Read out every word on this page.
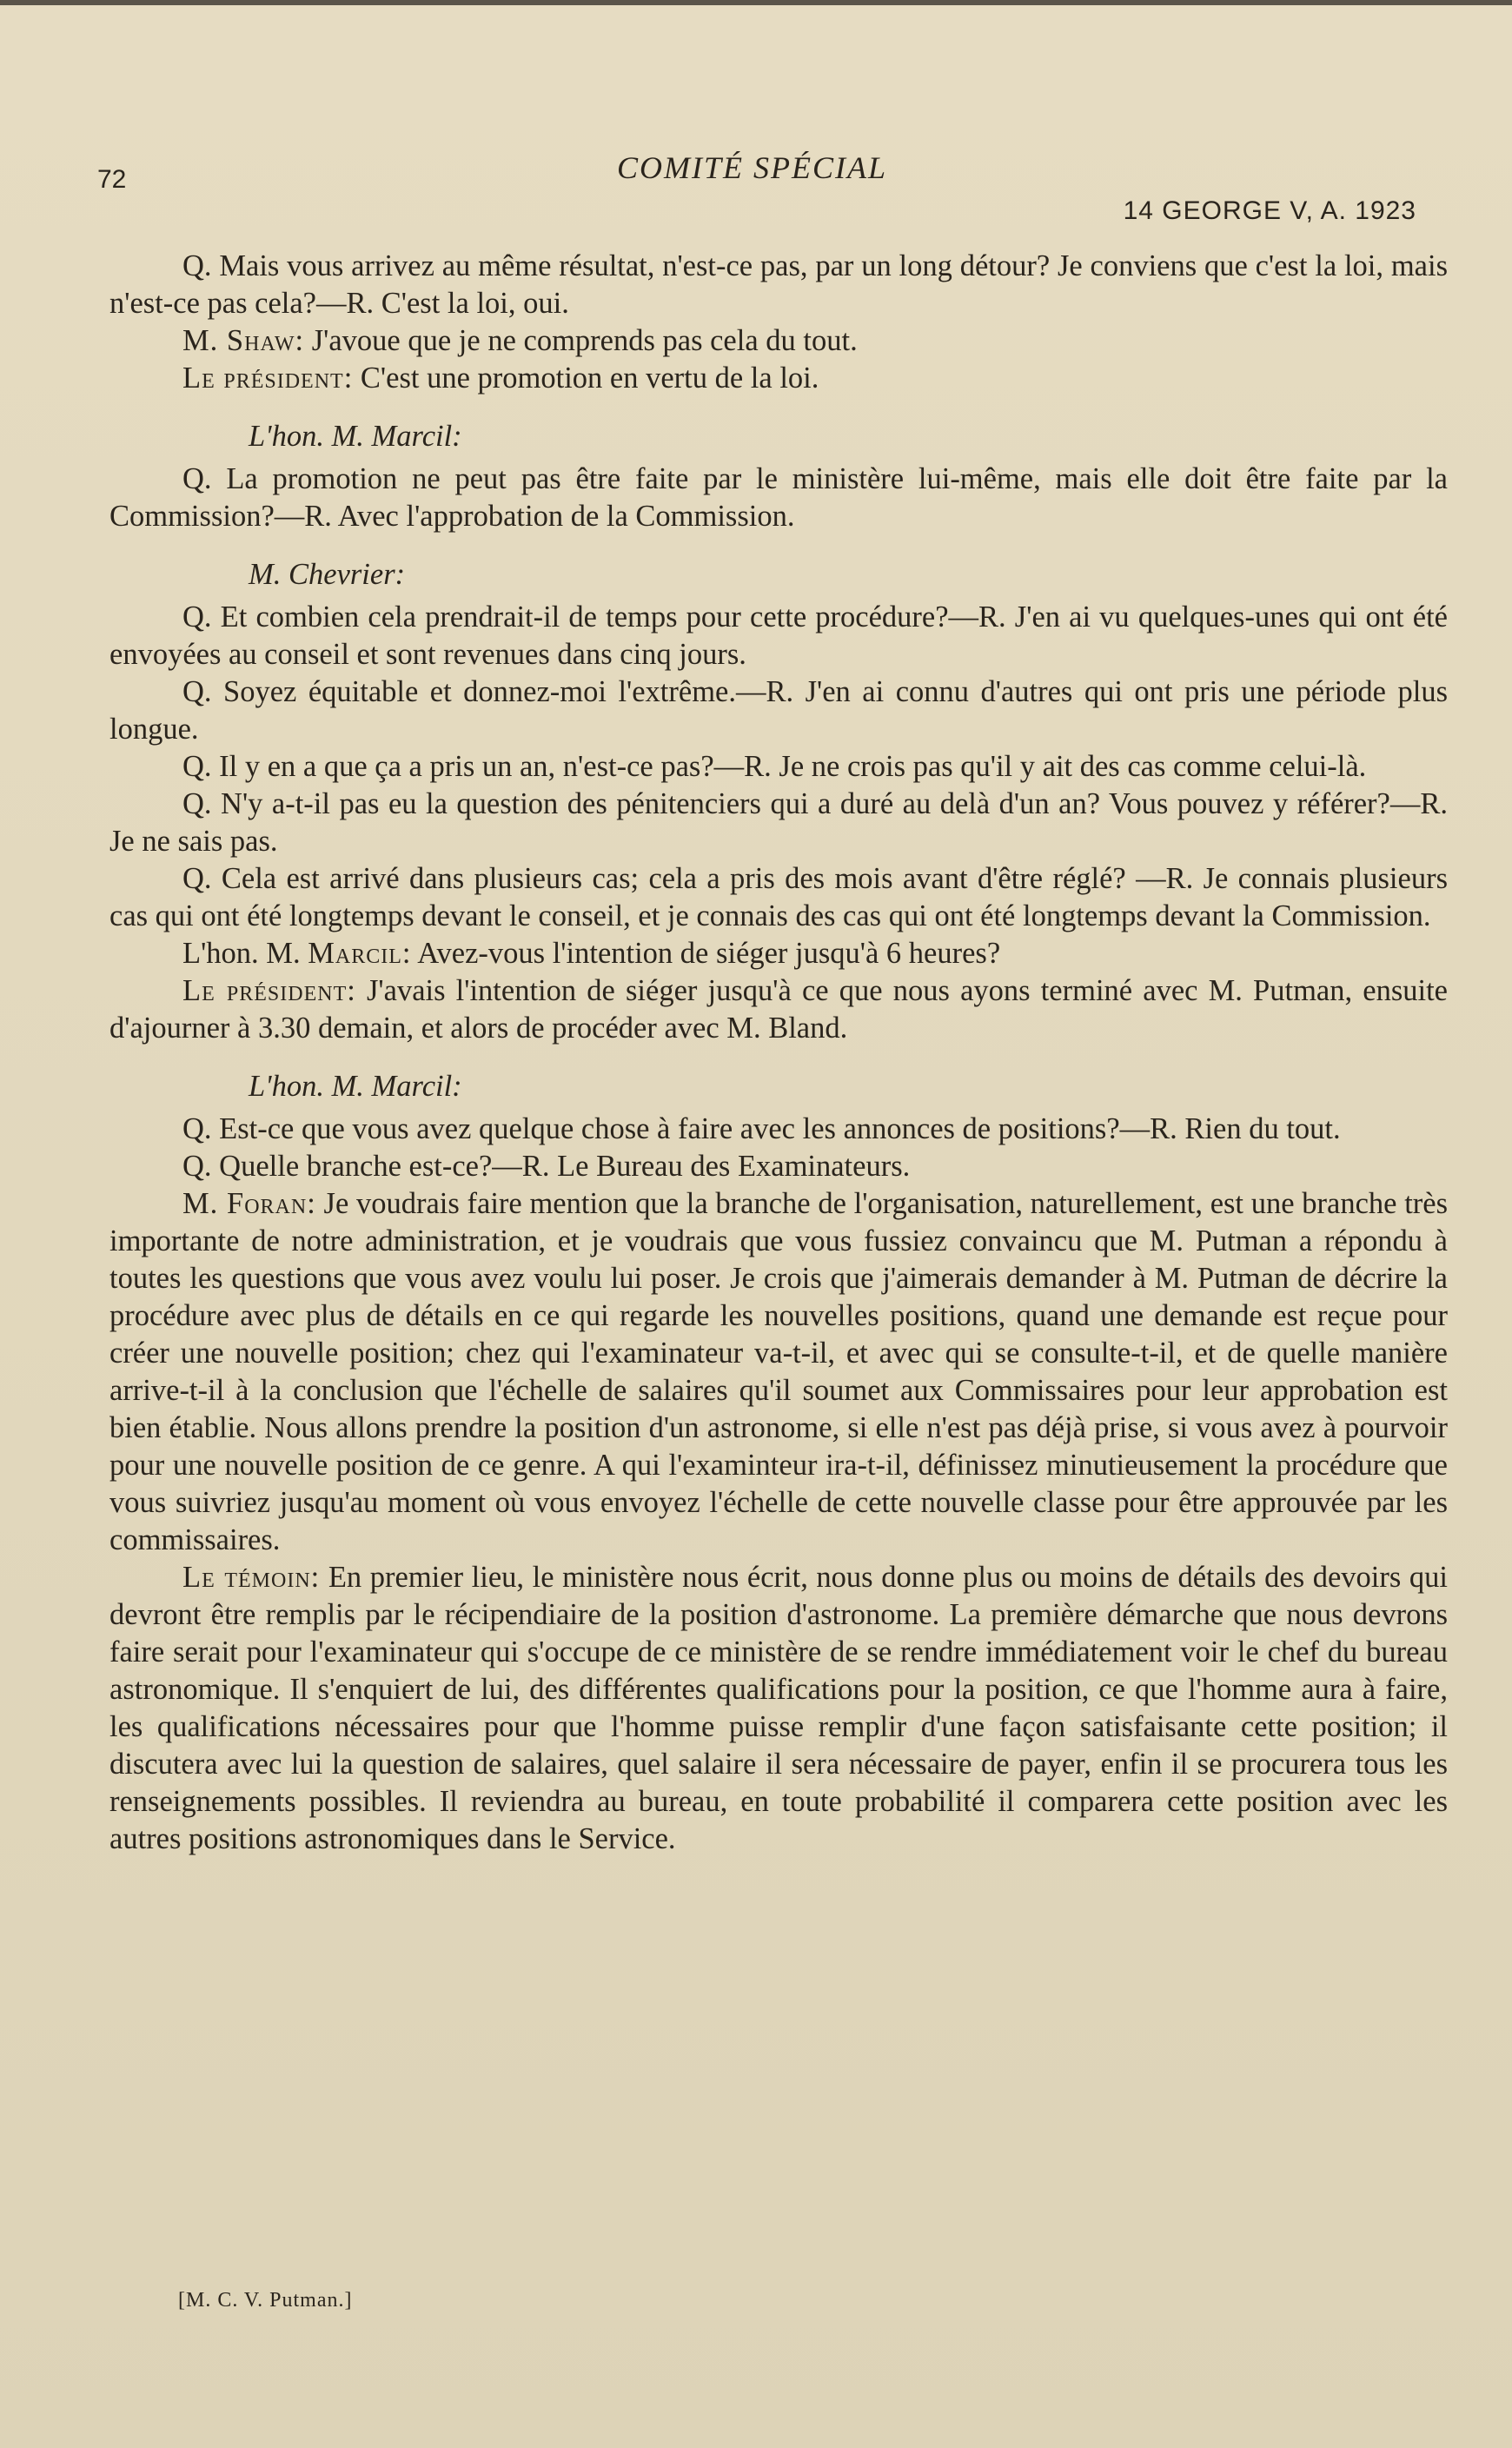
72	COMITÉ SPÉCIAL
14 GEORGE V, A. 1923

Q. Mais vous arrivez au même résultat, n'est-ce pas, par un long détour? Je conviens que c'est la loi, mais n'est-ce pas cela?—R. C'est la loi, oui.

M. Shaw: J'avoue que je ne comprends pas cela du tout.

Le président: C'est une promotion en vertu de la loi.

L'hon. M. Marcil:

Q. La promotion ne peut pas être faite par le ministère lui-même, mais elle doit être faite par la Commission?—R. Avec l'approbation de la Commission.

M. Chevrier:

Q. Et combien cela prendrait-il de temps pour cette procédure?—R. J'en ai vu quelques-unes qui ont été envoyées au conseil et sont revenues dans cinq jours.

Q. Soyez équitable et donnez-moi l'extrême.—R. J'en ai connu d'autres qui ont pris une période plus longue.

Q. Il y en a que ça a pris un an, n'est-ce pas?—R. Je ne crois pas qu'il y ait des cas comme celui-là.

Q. N'y a-t-il pas eu la question des pénitenciers qui a duré au delà d'un an? Vous pouvez y référer?—R. Je ne sais pas.

Q. Cela est arrivé dans plusieurs cas; cela a pris des mois avant d'être réglé? —R. Je connais plusieurs cas qui ont été longtemps devant le conseil, et je connais des cas qui ont été longtemps devant la Commission.

L'hon. M. Marcil: Avez-vous l'intention de siéger jusqu'à 6 heures?

Le président: J'avais l'intention de siéger jusqu'à ce que nous ayons terminé avec M. Putman, ensuite d'ajourner à 3.30 demain, et alors de procéder avec M. Bland.

L'hon. M. Marcil:

Q. Est-ce que vous avez quelque chose à faire avec les annonces de positions?—R. Rien du tout.

Q. Quelle branche est-ce?—R. Le Bureau des Examinateurs.

M. Foran: Je voudrais faire mention que la branche de l'organisation, naturellement, est une branche très importante de notre administration, et je voudrais que vous fussiez convaincu que M. Putman a répondu à toutes les questions que vous avez voulu lui poser. Je crois que j'aimerais demander à M. Putman de décrire la procédure avec plus de détails en ce qui regarde les nouvelles positions, quand une demande est reçue pour créer une nouvelle position; chez qui l'examinateur va-t-il, et avec qui se consulte-t-il, et de quelle manière arrive-t-il à la conclusion que l'échelle de salaires qu'il soumet aux Commissaires pour leur approbation est bien établie. Nous allons prendre la position d'un astronome, si elle n'est pas déjà prise, si vous avez à pourvoir pour une nouvelle position de ce genre. A qui l'examinteur ira-t-il, définissez minutieusement la procédure que vous suivriez jusqu'au moment où vous envoyez l'échelle de cette nouvelle classe pour être approuvée par les commissaires.

Le témoin: En premier lieu, le ministère nous écrit, nous donne plus ou moins de détails des devoirs qui devront être remplis par le récipendiaire de la position d'astronome. La première démarche que nous devrons faire serait pour l'examinateur qui s'occupe de ce ministère de se rendre immédiatement voir le chef du bureau astronomique. Il s'enquiert de lui, des différentes qualifications pour la position, ce que l'homme aura à faire, les qualifications nécessaires pour que l'homme puisse remplir d'une façon satisfaisante cette position; il discutera avec lui la question de salaires, quel salaire il sera nécessaire de payer, enfin il se procurera tous les renseignements possibles. Il reviendra au bureau, en toute probabilité il comparera cette position avec les autres positions astronomiques dans le Service.

[M. C. V. Putman.]
